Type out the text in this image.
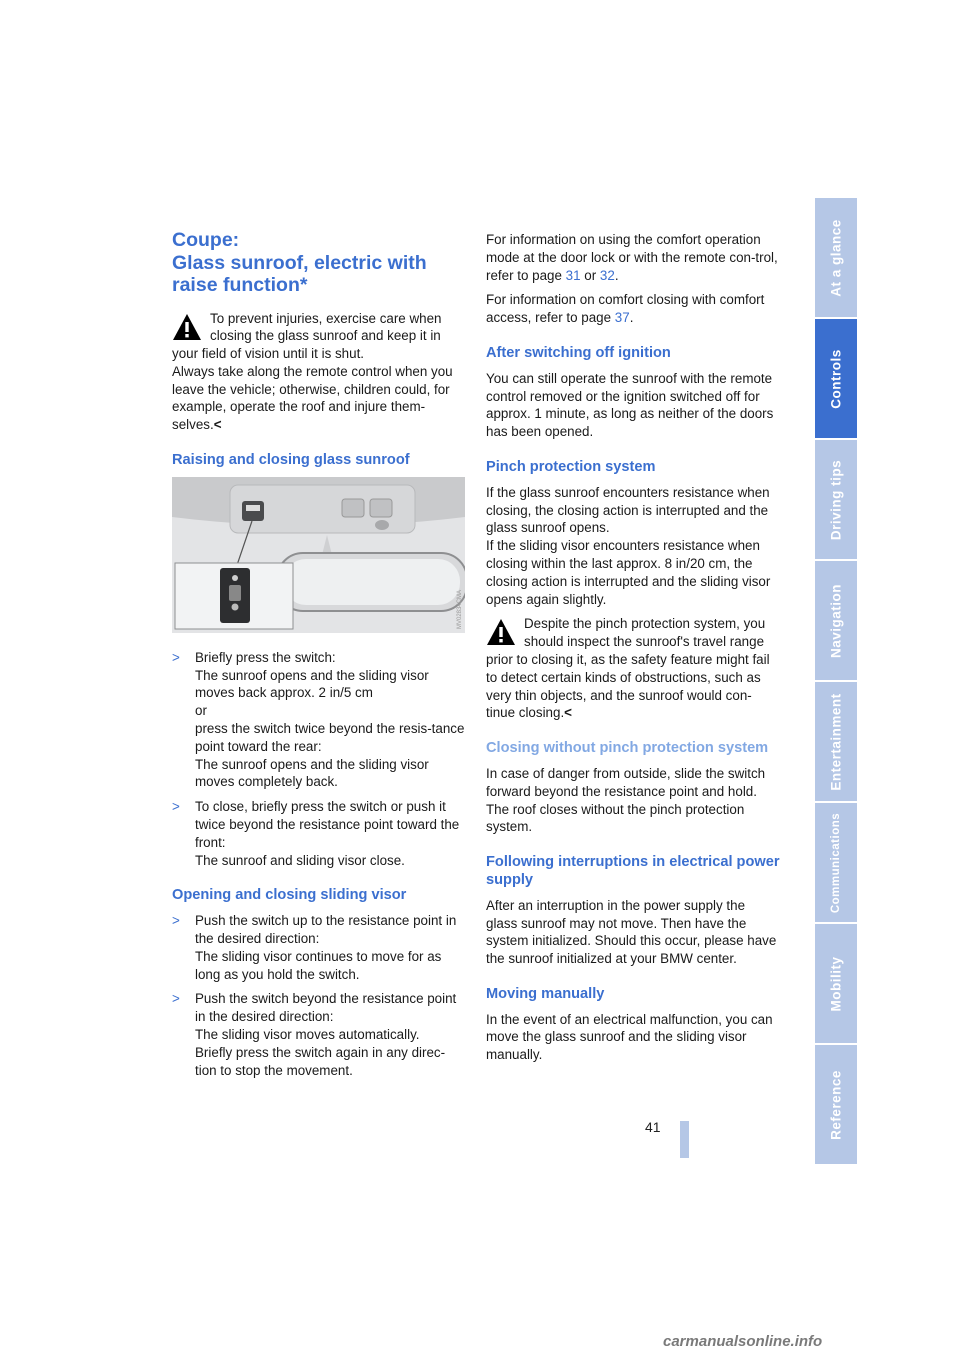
Coupe:
Glass sunroof, electric with
raise function*

To prevent injuries, exercise care when closing the glass sunroof and keep it in your field of vision until it is shut.

Always take along the remote control when you leave the vehicle; otherwise, children could, for example, operate the roof and injure them-selves.<

Raising and closing glass sunroof
MV02834CMA
> Briefly press the switch:

The sunroof opens and the sliding visor moves back approx. 2 in/5 cm

or

press the switch twice beyond the resis-tance point toward the rear:

The sunroof opens and the sliding visor moves completely back.

> To close, briefly press the switch or push it twice beyond the resistance point toward the front:

The sunroof and sliding visor close.

Opening and closing sliding visor
> Push the switch up to the resistance point in the desired direction:

The sliding visor continues to move for as long as you hold the switch.

> Push the switch beyond the resistance point in the desired direction:

The sliding visor moves automatically.

Briefly press the switch again in any direc-tion to stop the movement.

For information on using the comfort operation mode at the door lock or with the remote con-trol, refer to page 31 or 32.

For information on comfort closing with comfort access, refer to page 37.

After switching off ignition

You can still operate the sunroof with the remote control removed or the ignition switched off for approx. 1 minute, as long as neither of the doors has been opened.

Pinch protection system

If the glass sunroof encounters resistance when closing, the closing action is interrupted and the glass sunroof opens.

If the sliding visor encounters resistance when closing within the last approx. 8 in/20 cm, the closing action is interrupted and the sliding visor opens again slightly.

Despite the pinch protection system, you should inspect the sunroof's travel range prior to closing it, as the safety feature might fail to detect certain kinds of obstructions, such as very thin objects, and the sunroof would con-tinue closing.<

Closing without pinch protection system

In case of danger from outside, slide the switch forward beyond the resistance point and hold. The roof closes without the pinch protection system.

Following interruptions in electrical power supply

After an interruption in the power supply the glass sunroof may not move. Then have the system initialized. Should this occur, please have the sunroof initialized at your BMW center.

Moving manually

In the event of an electrical malfunction, you can move the glass sunroof and the sliding visor manually.

41
At a glance
Controls
Driving tips
Navigation
Entertainment
Communications
Mobility
Reference
carmanualsonline.info
